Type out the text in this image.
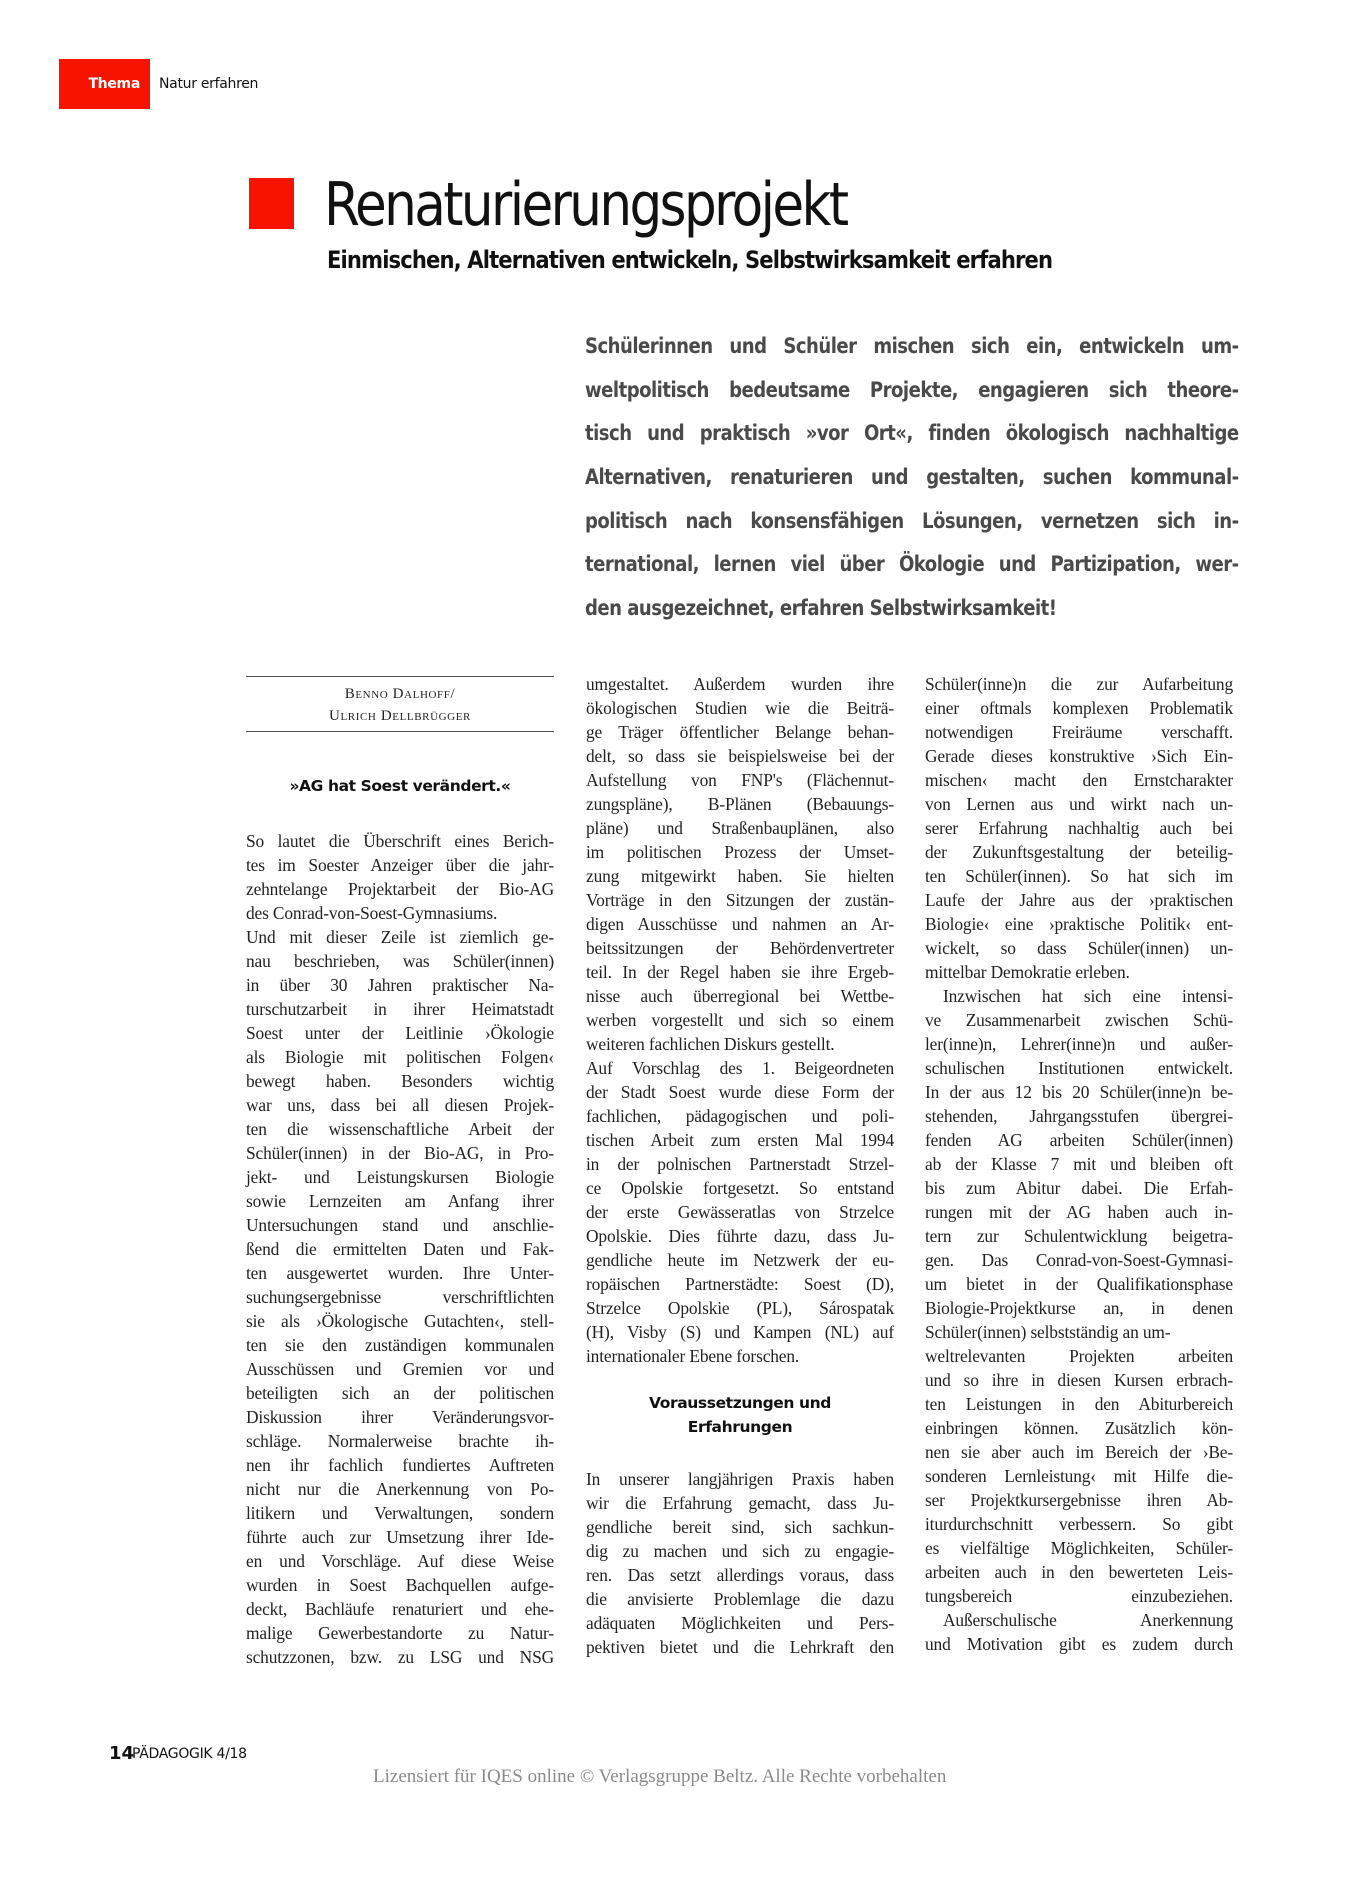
Thema Natur erfahren
Renaturierungsprojekt
Einmischen, Alternativen entwickeln, Selbstwirksamkeit erfahren
Schülerinnen und Schüler mischen sich ein, entwickeln um-
weltpolitisch bedeutsame Projekte, engagieren sich theore-
tisch und praktisch »vor Ort«, finden ökologisch nachhaltige
Alternativen, renaturieren und gestalten, suchen kommunal-
politisch nach konsensfähigen Lösungen, vernetzen sich in-
ternational, lernen viel über Ökologie und Partizipation, wer-
den ausgezeichnet, erfahren Selbstwirksamkeit!
Benno Dalhoff/
Ulrich Dellbrügger
»AG hat Soest verändert.«
So lautet die Überschrift eines Berich-
tes im Soester Anzeiger über die jahr-
zehntelange Projektarbeit der Bio-AG
des Conrad-von-Soest-Gymnasiums.
Und mit dieser Zeile ist ziemlich ge-
nau beschrieben, was Schüler(innen)
in über 30 Jahren praktischer Na-
turschutzarbeit in ihrer Heimatstadt
Soest unter der Leitlinie ›Ökologie
als Biologie mit politischen Folgen‹
bewegt haben. Besonders wichtig
war uns, dass bei all diesen Projek-
ten die wissenschaftliche Arbeit der
Schüler(innen) in der Bio-AG, in Pro-
jekt- und Leistungskursen Biologie
sowie Lernzeiten am Anfang ihrer
Untersuchungen stand und anschlie-
ßend die ermittelten Daten und Fak-
ten ausgewertet wurden. Ihre Unter-
suchungsergebnisse verschriftlichten
sie als ›Ökologische Gutachten‹, stell-
ten sie den zuständigen kommunalen
Ausschüssen und Gremien vor und
beteiligten sich an der politischen
Diskussion ihrer Veränderungsvor-
schläge. Normalerweise brachte ih-
nen ihr fachlich fundiertes Auftreten
nicht nur die Anerkennung von Po-
litikern und Verwaltungen, sondern
führte auch zur Umsetzung ihrer Ide-
en und Vorschläge. Auf diese Weise
wurden in Soest Bachquellen aufge-
deckt, Bachläufe renaturiert und ehe-
malige Gewerbestandorte zu Natur-
schutzzonen, bzw. zu LSG und NSG
umgestaltet. Außerdem wurden ihre
ökologischen Studien wie die Beiträ-
ge Träger öffentlicher Belange behan-
delt, so dass sie beispielsweise bei der
Aufstellung von FNP's (Flächennut-
zungspläne), B-Plänen (Bebauungs-
pläne) und Straßenbauplänen, also
im politischen Prozess der Umset-
zung mitgewirkt haben. Sie hielten
Vorträge in den Sitzungen der zustän-
digen Ausschüsse und nahmen an Ar-
beitssitzungen der Behördenvertreter
teil. In der Regel haben sie ihre Ergeb-
nisse auch überregional bei Wettbe-
werben vorgestellt und sich so einem
weiteren fachlichen Diskurs gestellt.
Auf Vorschlag des 1. Beigeordneten
der Stadt Soest wurde diese Form der
fachlichen, pädagogischen und poli-
tischen Arbeit zum ersten Mal 1994
in der polnischen Partnerstadt Strzel-
ce Opolskie fortgesetzt. So entstand
der erste Gewässeratlas von Strzelce
Opolskie. Dies führte dazu, dass Ju-
gendliche heute im Netzwerk der eu-
ropäischen Partnerstädte: Soest (D),
Strzelce Opolskie (PL), Sárospatak
(H), Visby (S) und Kampen (NL) auf
internationaler Ebene forschen.
Voraussetzungen und
Erfahrungen
In unserer langjährigen Praxis haben
wir die Erfahrung gemacht, dass Ju-
gendliche bereit sind, sich sachkun-
dig zu machen und sich zu engagie-
ren. Das setzt allerdings voraus, dass
die anvisierte Problemlage die dazu
adäquaten Möglichkeiten und Pers-
pektiven bietet und die Lehrkraft den
Schüler(inne)n die zur Aufarbeitung
einer oftmals komplexen Problematik
notwendigen Freiräume verschafft.
Gerade dieses konstruktive ›Sich Ein-
mischen‹ macht den Ernstcharakter
von Lernen aus und wirkt nach un-
serer Erfahrung nachhaltig auch bei
der Zukunftsgestaltung der beteilig-
ten Schüler(innen). So hat sich im
Laufe der Jahre aus der ›praktischen
Biologie‹ eine ›praktische Politik‹ ent-
wickelt, so dass Schüler(innen) un-
mittelbar Demokratie erleben.
Inzwischen hat sich eine intensi-
ve Zusammenarbeit zwischen Schü-
ler(inne)n, Lehrer(inne)n und außer-
schulischen Institutionen entwickelt.
In der aus 12 bis 20 Schüler(inne)n be-
stehenden, Jahrgangsstufen übergrei-
fenden AG arbeiten Schüler(innen)
ab der Klasse 7 mit und bleiben oft
bis zum Abitur dabei. Die Erfah-
rungen mit der AG haben auch in-
tern zur Schulentwicklung beigetra-
gen. Das Conrad-von-Soest-Gymnasi-
um bietet in der Qualifikationsphase
Biologie-Projektkurse an, in denen
Schüler(innen) selbstständig an um-
weltrelevanten Projekten arbeiten
und so ihre in diesen Kursen erbrach-
ten Leistungen in den Abiturbereich
einbringen können. Zusätzlich kön-
nen sie aber auch im Bereich der ›Be-
sonderen Lernleistung‹ mit Hilfe die-
ser Projektkursergebnisse ihren Ab-
iturdurchschnitt verbessern. So gibt
es vielfältige Möglichkeiten, Schüler-
arbeiten auch in den bewerteten Leis-
tungsbereich einzubeziehen.
Außerschulische Anerkennung
und Motivation gibt es zudem durch
14
PÄDAGOGIK 4/18
Lizensiert für IQES online © Verlagsgruppe Beltz. Alle Rechte vorbehalten
